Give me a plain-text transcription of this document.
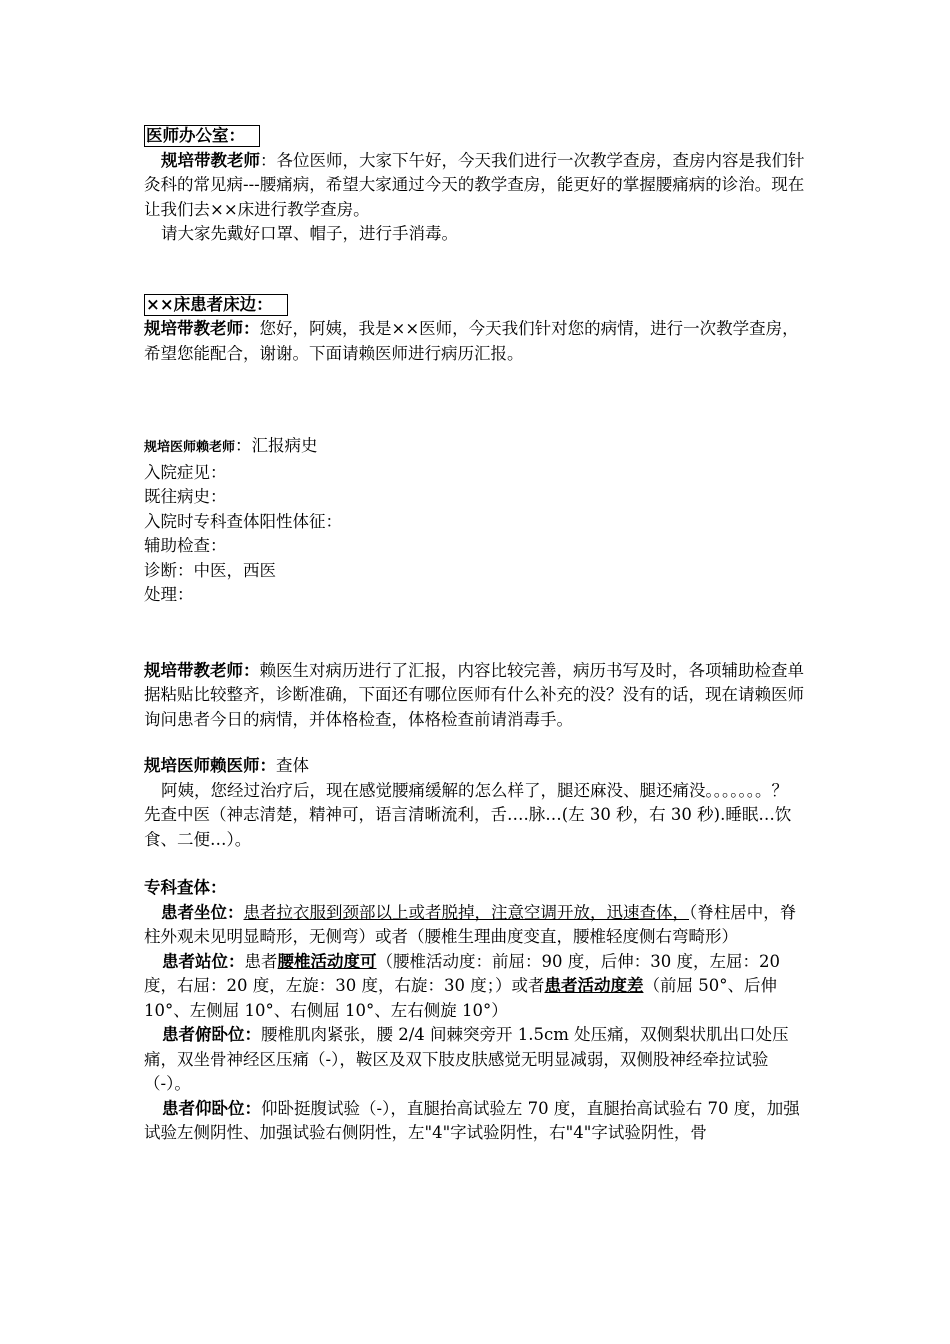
医师办公室：

规培带教老师：各位医师，大家下午好，今天我们进行一次教学查房，查房内容是我们针灸科的常见病---腰痛病，希望大家通过今天的教学查房，能更好的掌握腰痛病的诊治。现在让我们去××床进行教学查房。

请大家先戴好口罩、帽子，进行手消毒。

××床患者床边：

规培带教老师：您好，阿姨，我是××医师，今天我们针对您的病情，进行一次教学查房，希望您能配合，谢谢。下面请赖医师进行病历汇报。

规培医师赖老师：汇报病史

入院症见：

既往病史：

入院时专科查体阳性体征：

辅助检查：

诊断：中医，西医

处理：

规培带教老师：赖医生对病历进行了汇报，内容比较完善，病历书写及时，各项辅助检查单据粘贴比较整齐，诊断准确，下面还有哪位医师有什么补充的没？没有的话，现在请赖医师询问患者今日的病情，并体格检查，体格检查前请消毒手。

规培医师赖医师：查体

阿姨，您经过治疗后，现在感觉腰痛缓解的怎么样了，腿还麻没、腿还痛没。。。。。。。？

先查中医（神志清楚，精神可，语言清晰流利，舌….脉…(左 30 秒，右 30 秒).睡眠…饮食、二便…）。

专科查体：

患者坐位：患者拉衣服到颈部以上或者脱掉，注意空调开放，迅速查体，（脊柱居中，脊柱外观未见明显畸形，无侧弯）或者（腰椎生理曲度变直，腰椎轻度侧右弯畸形）

患者站位：患者腰椎活动度可（腰椎活动度：前屈：90 度，后伸：30 度，左屈：20 度，右屈：20 度，左旋：30 度，右旋：30 度；）或者患者活动度差（前屈 50°、后伸 10°、左侧屈 10°、右侧屈 10°、左右侧旋 10°）

患者俯卧位：腰椎肌肉紧张，腰 2/4 间棘突旁开 1.5cm 处压痛，双侧梨状肌出口处压痛，双坐骨神经区压痛（-），鞍区及双下肢皮肤感觉无明显减弱，双侧股神经牵拉试验（-）。

患者仰卧位：仰卧挺腹试验（-），直腿抬高试验左 70 度，直腿抬高试验右 70 度，加强试验左侧阴性、加强试验右侧阴性，左"4"字试验阴性，右"4"字试验阴性，骨
